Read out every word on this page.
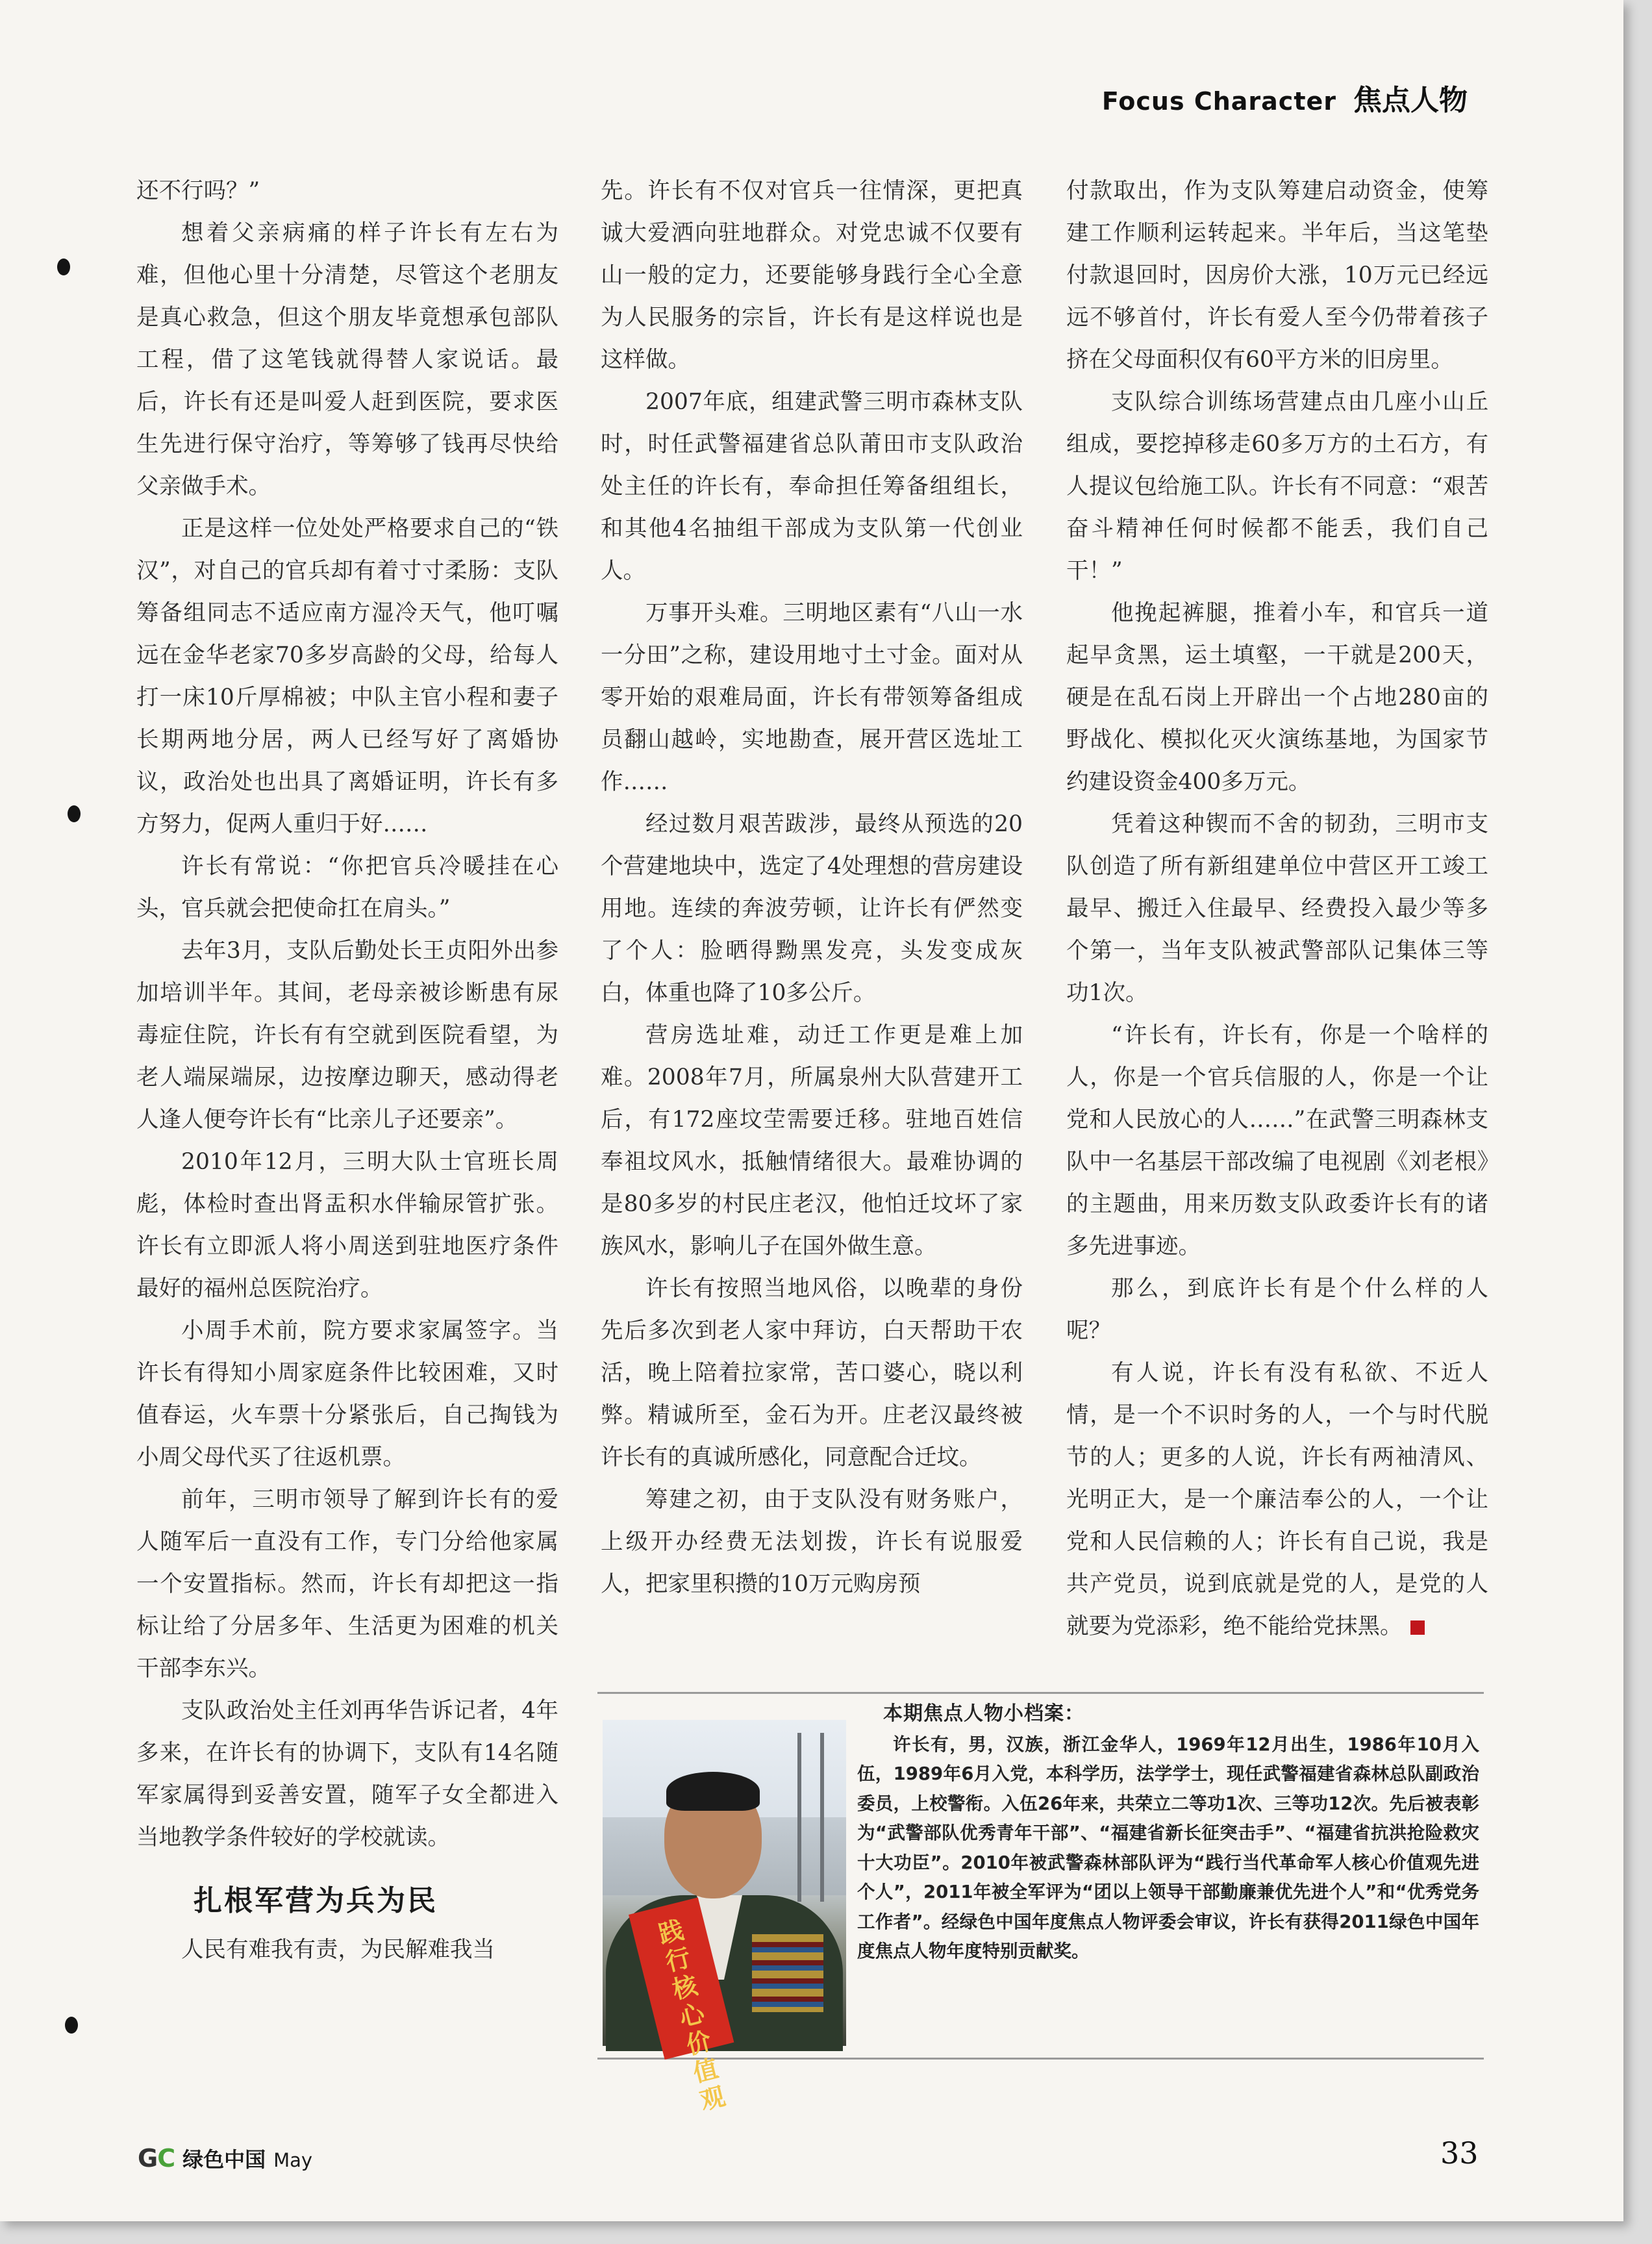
Focus Character 焦点人物

还不行吗？”

想着父亲病痛的样子许长有左右为难，但他心里十分清楚，尽管这个老朋友是真心救急，但这个朋友毕竟想承包部队工程，借了这笔钱就得替人家说话。最后，许长有还是叫爱人赶到医院，要求医生先进行保守治疗，等筹够了钱再尽快给父亲做手术。

正是这样一位处处严格要求自己的“铁汉”，对自己的官兵却有着寸寸柔肠：支队筹备组同志不适应南方湿冷天气，他叮嘱远在金华老家70多岁高龄的父母，给每人打一床10斤厚棉被；中队主官小程和妻子长期两地分居，两人已经写好了离婚协议，政治处也出具了离婚证明，许长有多方努力，促两人重归于好……

许长有常说：“你把官兵冷暖挂在心头，官兵就会把使命扛在肩头。”

去年3月，支队后勤处长王贞阳外出参加培训半年。其间，老母亲被诊断患有尿毒症住院，许长有有空就到医院看望，为老人端屎端尿，边按摩边聊天，感动得老人逢人便夸许长有“比亲儿子还要亲”。

2010年12月，三明大队士官班长周彪，体检时查出肾盂积水伴输尿管扩张。许长有立即派人将小周送到驻地医疗条件最好的福州总医院治疗。

小周手术前，院方要求家属签字。当许长有得知小周家庭条件比较困难，又时值春运，火车票十分紧张后，自己掏钱为小周父母代买了往返机票。

前年，三明市领导了解到许长有的爱人随军后一直没有工作，专门分给他家属一个安置指标。然而，许长有却把这一指标让给了分居多年、生活更为困难的机关干部李东兴。

支队政治处主任刘再华告诉记者，4年多来，在许长有的协调下，支队有14名随军家属得到妥善安置，随军子女全都进入当地教学条件较好的学校就读。

扎根军营为兵为民

人民有难我有责，为民解难我当

先。许长有不仅对官兵一往情深，更把真诚大爱洒向驻地群众。对党忠诚不仅要有山一般的定力，还要能够身践行全心全意为人民服务的宗旨，许长有是这样说也是这样做。

2007年底，组建武警三明市森林支队时，时任武警福建省总队莆田市支队政治处主任的许长有，奉命担任筹备组组长，和其他4名抽组干部成为支队第一代创业人。

万事开头难。三明地区素有“八山一水一分田”之称，建设用地寸土寸金。面对从零开始的艰难局面，许长有带领筹备组成员翻山越岭，实地勘查，展开营区选址工作……

经过数月艰苦跋涉，最终从预选的20个营建地块中，选定了4处理想的营房建设用地。连续的奔波劳顿，让许长有俨然变了个人：脸晒得黝黑发亮，头发变成灰白，体重也降了10多公斤。

营房选址难，动迁工作更是难上加难。2008年7月，所属泉州大队营建开工后，有172座坟茔需要迁移。驻地百姓信奉祖坟风水，抵触情绪很大。最难协调的是80多岁的村民庄老汉，他怕迁坟坏了家族风水，影响儿子在国外做生意。

许长有按照当地风俗，以晚辈的身份先后多次到老人家中拜访，白天帮助干农活，晚上陪着拉家常，苦口婆心，晓以利弊。精诚所至，金石为开。庄老汉最终被许长有的真诚所感化，同意配合迁坟。

筹建之初，由于支队没有财务账户，上级开办经费无法划拨，许长有说服爱人，把家里积攒的10万元购房预

付款取出，作为支队筹建启动资金，使筹建工作顺利运转起来。半年后，当这笔垫付款退回时，因房价大涨，10万元已经远远不够首付，许长有爱人至今仍带着孩子挤在父母面积仅有60平方米的旧房里。

支队综合训练场营建点由几座小山丘组成，要挖掉移走60多万方的土石方，有人提议包给施工队。许长有不同意：“艰苦奋斗精神任何时候都不能丢，我们自己干！”

他挽起裤腿，推着小车，和官兵一道起早贪黑，运土填壑，一干就是200天，硬是在乱石岗上开辟出一个占地280亩的野战化、模拟化灭火演练基地，为国家节约建设资金400多万元。

凭着这种锲而不舍的韧劲，三明市支队创造了所有新组建单位中营区开工竣工最早、搬迁入住最早、经费投入最少等多个第一，当年支队被武警部队记集体三等功1次。

“许长有，许长有，你是一个啥样的人，你是一个官兵信服的人，你是一个让党和人民放心的人……”在武警三明森林支队中一名基层干部改编了电视剧《刘老根》的主题曲，用来历数支队政委许长有的诸多先进事迹。

那么，到底许长有是个什么样的人呢？

有人说，许长有没有私欲、不近人情，是一个不识时务的人，一个与时代脱节的人；更多的人说，许长有两袖清风、光明正大，是一个廉洁奉公的人，一个让党和人民信赖的人；许长有自己说，我是共产党员，说到底就是党的人，是党的人就要为党添彩，绝不能给党抹黑。

践行核心价值观

本期焦点人物小档案：

许长有，男，汉族，浙江金华人，1969年12月出生，1986年10月入伍，1989年6月入党，本科学历，法学学士，现任武警福建省森林总队副政治委员，上校警衔。入伍26年来，共荣立二等功1次、三等功12次。先后被表彰为“武警部队优秀青年干部”、“福建省新长征突击手”、“福建省抗洪抢险救灾十大功臣”。2010年被武警森林部队评为“践行当代革命军人核心价值观先进个人”，2011年被全军评为“团以上领导干部勤廉兼优先进个人”和“优秀党务工作者”。经绿色中国年度焦点人物评委会审议，许长有获得2011绿色中国年度焦点人物年度特别贡献奖。

GC 绿色中国 May	33
